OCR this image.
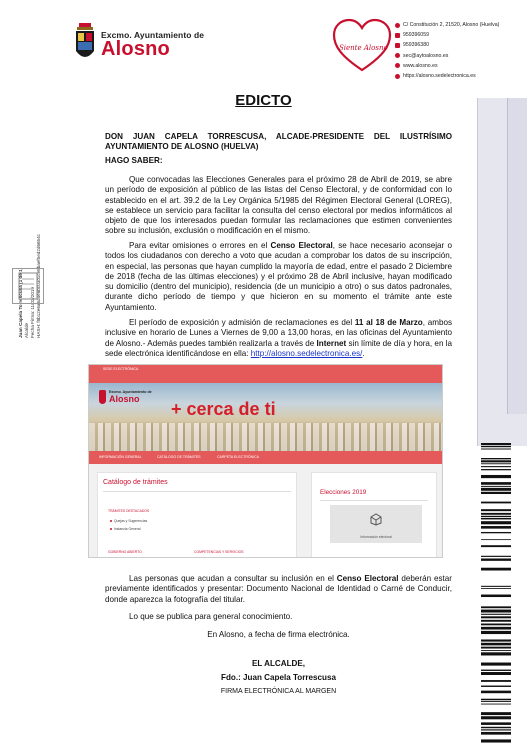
Excmo. Ayuntamiento de
Alosno	Siente Alosno
C/ Constitución 2, 21520, Alosno (Huelva)
959396059
959396380
sec@aytoalosno.es
www.alosno.es
https://alosno.sedelectronica.es
Juan Capela Torrescusa (1 de 1) Alcalde Fecha Firma: 11/03/2019 HASH: f8b12e6a6d4e8bc03d1ce8baef5ed2d6654c
EDICTO
DON JUAN CAPELA TORRESCUSA, ALCADE-PRESIDENTE DEL ILUSTRÍSIMO AYUNTAMIENTO DE ALOSNO (HUELVA)
HAGO SABER:
Que convocadas las Elecciones Generales para el próximo 28 de Abril de 2019, se abre un período de exposición al público de las listas del Censo Electoral, y de conformidad con lo establecido en el art. 39.2 de la Ley Orgánica 5/1985 del Régimen Electoral General (LOREG), se establece un servicio para facilitar la consulta del censo electoral por medios informáticos al objeto de que los interesados puedan formular las reclamaciones que estimen convenientes sobre su inclusión, exclusión o modificación en el mismo.
Para evitar omisiones o errores en el Censo Electoral, se hace necesario aconsejar o todos los ciudadanos con derecho a voto que acudan a comprobar los datos de su inscripción, en especial, las personas que hayan cumplido la mayoría de edad, entre el pasado 2 Diciembre de 2018 (fecha de las últimas elecciones) y el próximo 28 de Abril inclusive, hayan modificado su domicilio (dentro del municipio), residencia (de un municipio a otro) o sus datos padronales, durante dicho período de tiempo y que hicieron en su momento el trámite ante este Ayuntamiento.
El período de exposición y admisión de reclamaciones es del 11 al 18 de Marzo, ambos inclusive en horario de Lunes a Viernes de 9,00 a 13,00 horas, en las oficinas del Ayuntamiento de Alosno.- Además puedes también realizarla a través de Internet sin límite de día y hora, en la sede electrónica identificándose en ella: http://alosno.sedelectronica.es/.
SEDE ELECTRÓNICA
Excmo. Ayuntamiento de
Alosno + cerca de ti
INFORMACIÓN GENERAL	CATÁLOGO DE TRÁMITES	CARPETA ELECTRÓNICA
Catálogo de trámites
TRÁMITES DESTACADOS
Quejas y Sugerencias
Instancia General
GOBIERNO ABIERTO	COMPETENCIAS Y SERVICIOS
Elecciones 2019
Información electoral
Las personas que acudan a consultar su inclusión en el Censo Electoral deberán estar previamente identificados y presentar: Documento Nacional de Identidad o Carné de Conducir, donde aparezca la fotografía del titular.
Lo que se publica para general conocimiento.
En Alosno, a fecha de firma electrónica.
EL ALCALDE,
Fdo.: Juan Capela Torrescusa
FIRMA ELECTRÓNICA AL MARGEN
